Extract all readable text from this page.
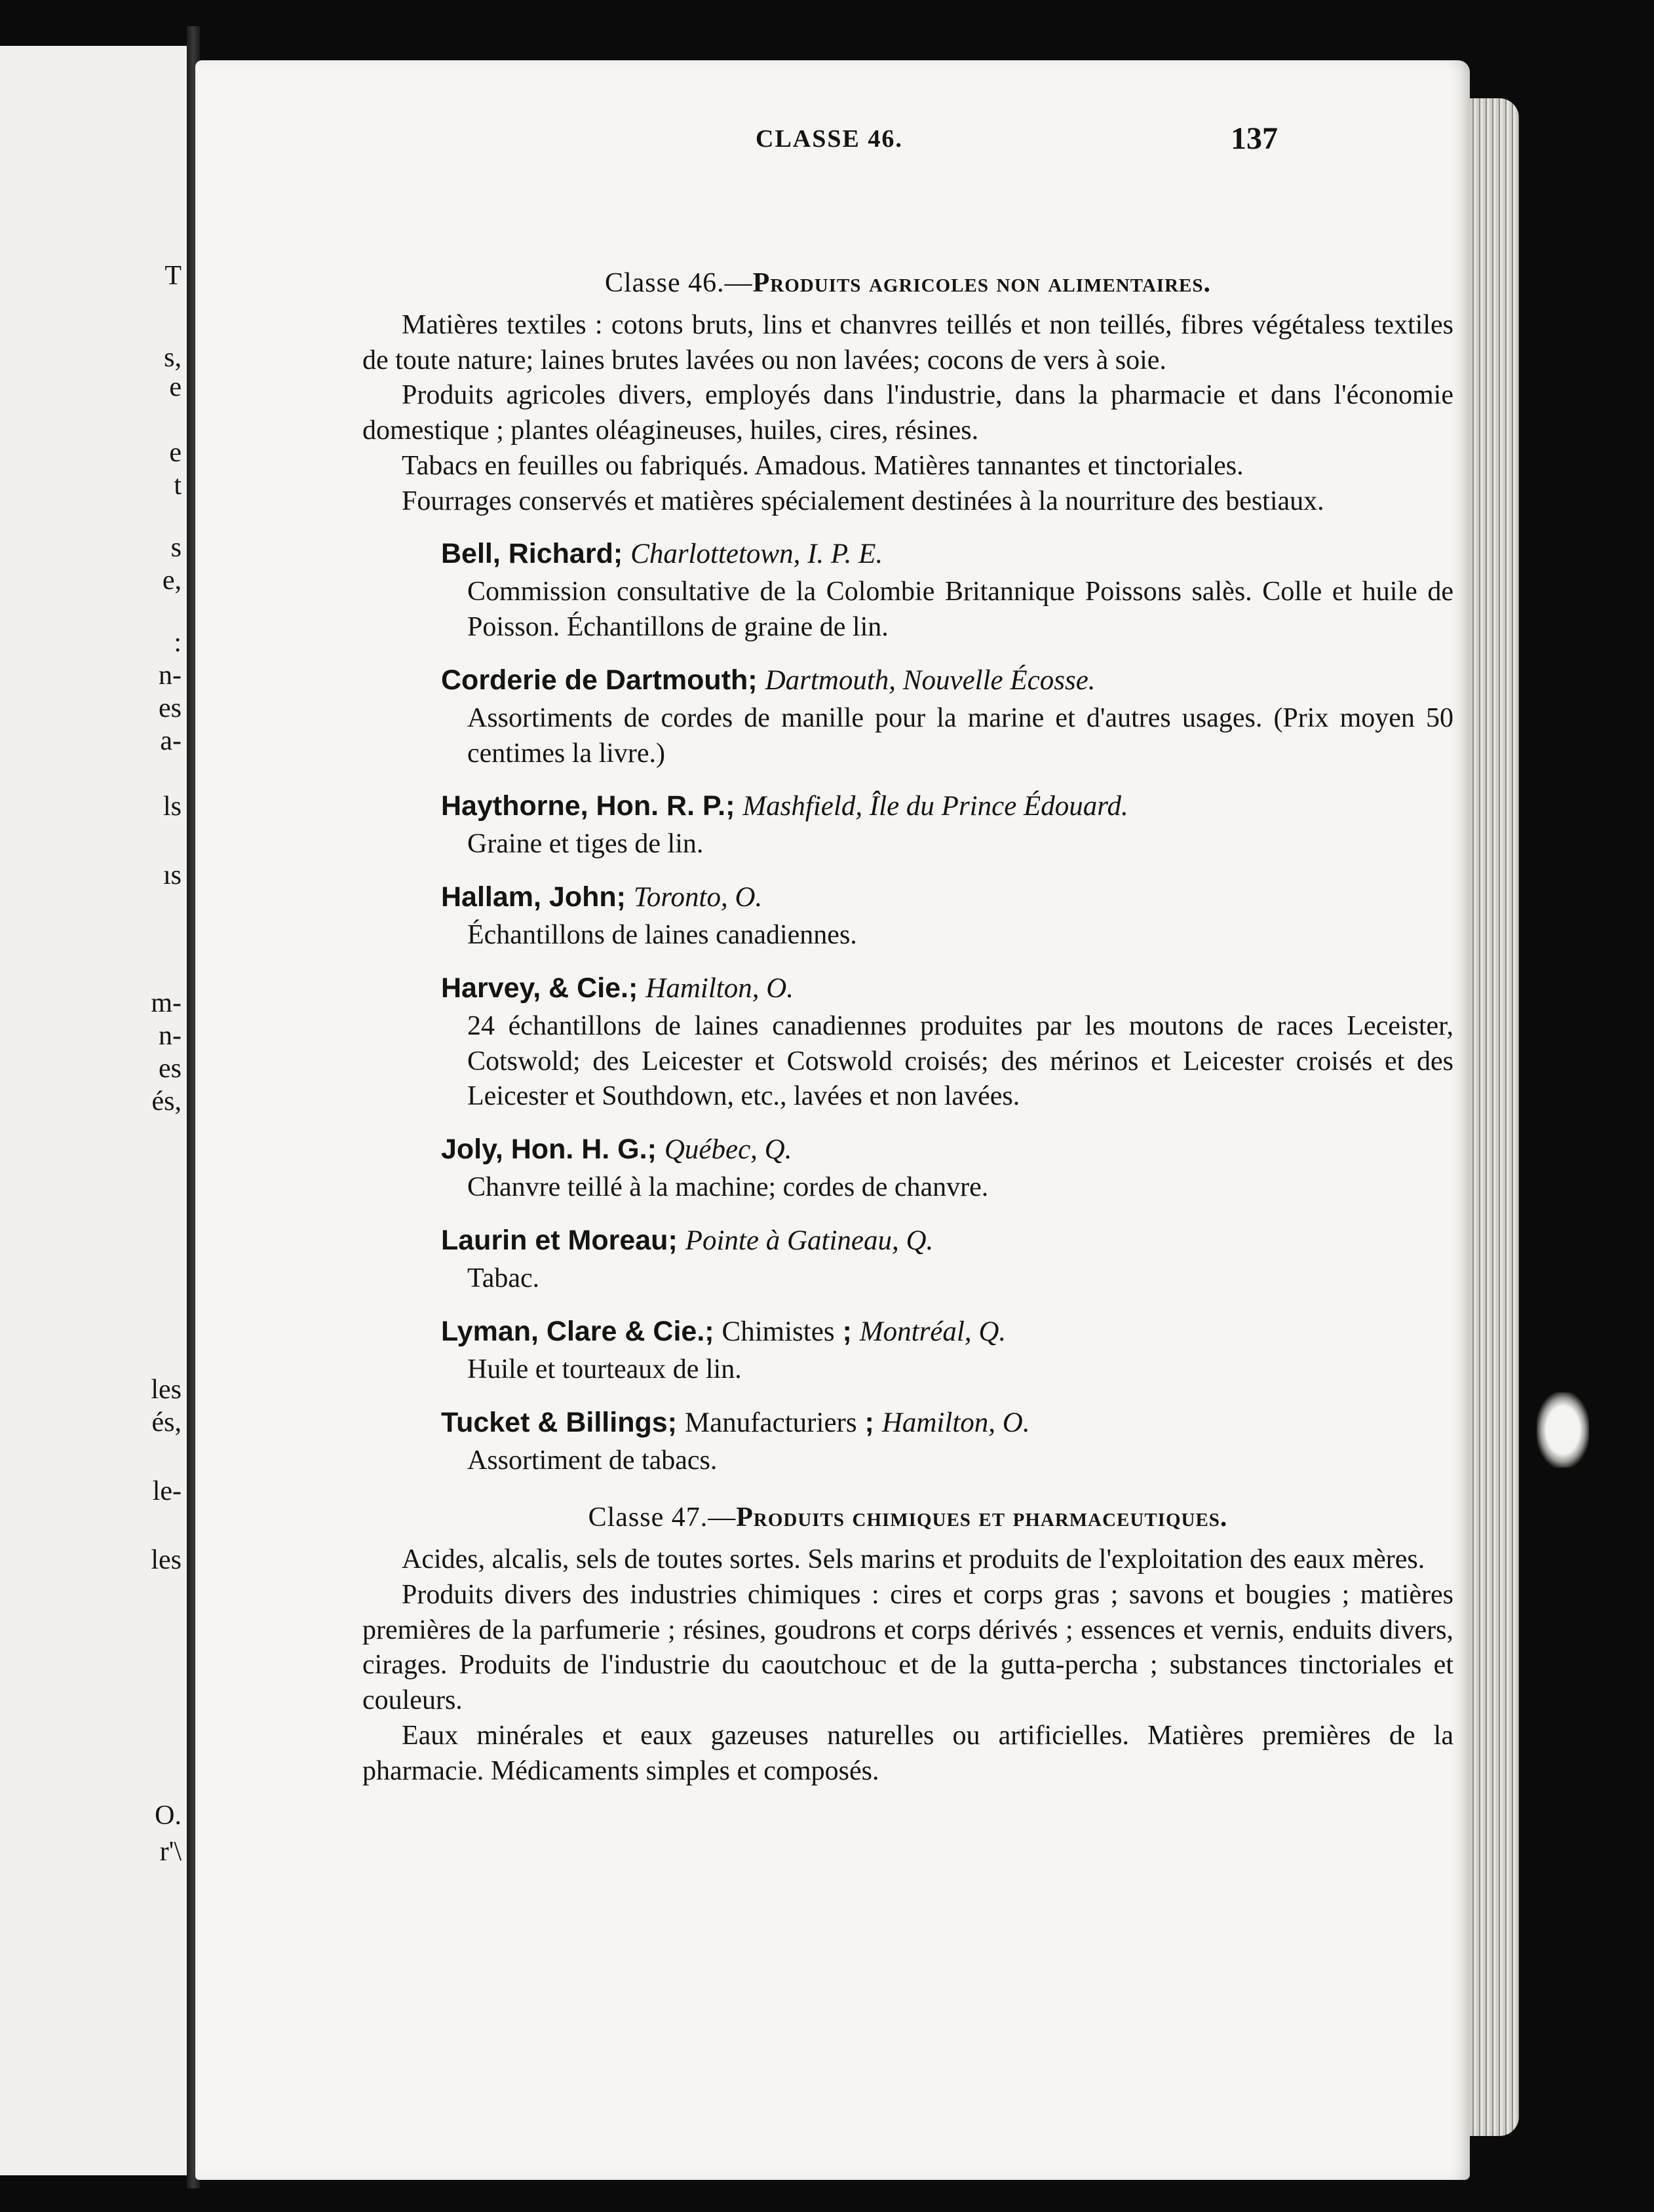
T
s,
e
e
t
s
e,
:
n-
es
a-
ls
ıs
m-
n-
es
és,
les
és,
le-
les
O.
r'\
CLASSE 46.	137
Classe 46.—Produits agricoles non alimentaires.

Matières textiles : cotons bruts, lins et chanvres teillés et non teillés, fibres végétaless textiles de toute nature; laines brutes lavées ou non lavées; cocons de vers à soie.

Produits agricoles divers, employés dans l'industrie, dans la pharmacie et dans l'économie domestique ; plantes oléagineuses, huiles, cires, résines.

Tabacs en feuilles ou fabriqués. Amadous. Matières tannantes et tinctoriales.

Fourrages conservés et matières spécialement destinées à la nourriture des bestiaux.

Bell, Richard; Charlottetown, I. P. E.
Commission consultative de la Colombie Britannique Poissons salès. Colle et huile de Poisson. Échantillons de graine de lin.
Corderie de Dartmouth; Dartmouth, Nouvelle Écosse.
Assortiments de cordes de manille pour la marine et d'autres usages. (Prix moyen 50 centimes la livre.)
Haythorne, Hon. R. P.; Mashfield, Île du Prince Édouard.
Graine et tiges de lin.
Hallam, John; Toronto, O.
Échantillons de laines canadiennes.
Harvey, & Cie.; Hamilton, O.
24 échantillons de laines canadiennes produites par les moutons de races Leceister, Cotswold; des Leicester et Cotswold croisés; des mérinos et Leicester croisés et des Leicester et Southdown, etc., lavées et non lavées.
Joly, Hon. H. G.; Québec, Q.
Chanvre teillé à la machine; cordes de chanvre.
Laurin et Moreau; Pointe à Gatineau, Q.
Tabac.
Lyman, Clare & Cie.; Chimistes ; Montréal, Q.
Huile et tourteaux de lin.
Tucket & Billings; Manufacturiers ; Hamilton, O.
Assortiment de tabacs.
Classe 47.—Produits chimiques et pharmaceutiques.

Acides, alcalis, sels de toutes sortes. Sels marins et produits de l'exploitation des eaux mères.

Produits divers des industries chimiques : cires et corps gras ; savons et bougies ; matières premières de la parfumerie ; résines, goudrons et corps dérivés ; essences et vernis, enduits divers, cirages. Produits de l'industrie du caoutchouc et de la gutta-percha ; substances tinctoriales et couleurs.

Eaux minérales et eaux gazeuses naturelles ou artificielles. Matières premières de la pharmacie. Médicaments simples et composés.
